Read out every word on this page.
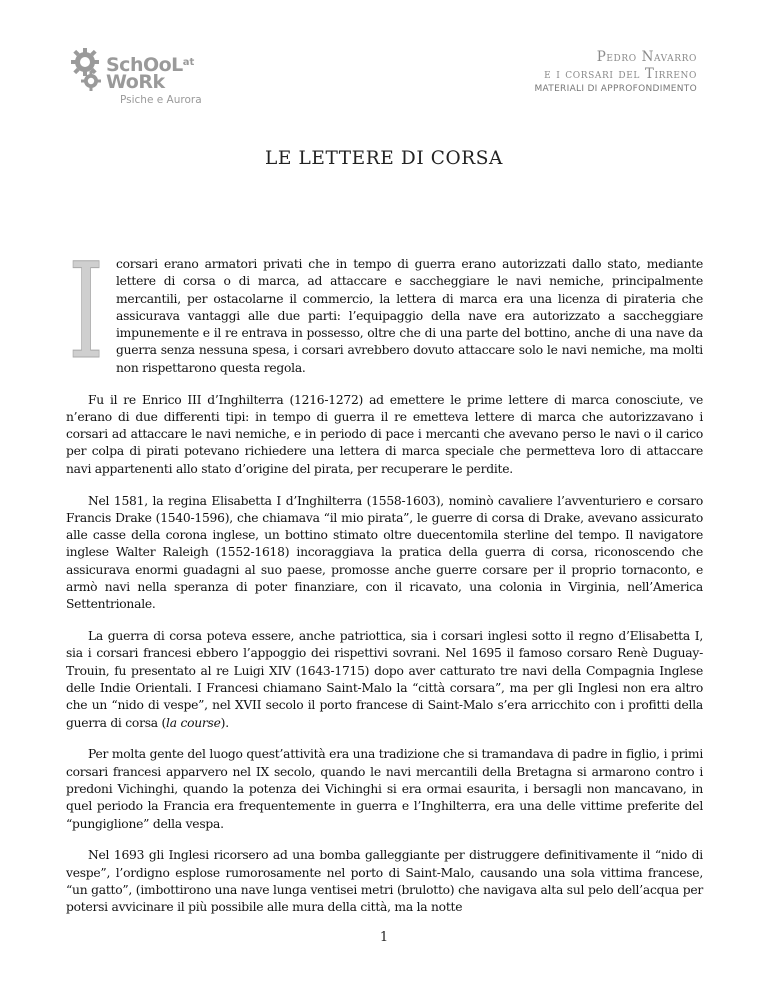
SchOoL$^{at}$
WoRk
Psiche e Aurora
Pedro Navarro
e i corsari del Tirreno
MATERIALI DI APPROFONDIMENTO
LE LETTERE DI CORSA

I corsari erano armatori privati che in tempo di guerra erano autorizzati dallo stato, mediante lettere di corsa o di marca, ad attaccare e saccheggiare le navi nemiche, principalmente mercantili, per ostacolarne il commercio, la lettera di marca era una licenza di pirateria che assicurava vantaggi alle due parti: l’equipaggio della nave era autorizzato a saccheggiare impunemente e il re entrava in possesso, oltre che di una parte del bottino, anche di una nave da guerra senza nessuna spesa, i corsari avrebbero dovuto attaccare solo le navi nemiche, ma molti non rispettarono questa regola.

Fu il re Enrico III d’Inghilterra (1216-1272) ad emettere le prime lettere di marca conosciute, ve n’erano di due differenti tipi: in tempo di guerra il re emetteva lettere di marca che autorizzavano i corsari ad attaccare le navi nemiche, e in periodo di pace i mercanti che avevano perso le navi o il carico per colpa di pirati potevano richiedere una lettera di marca speciale che permetteva loro di attaccare navi appartenenti allo stato d’origine del pirata, per recuperare le perdite.

Nel 1581, la regina Elisabetta I d’Inghilterra (1558-1603), nominò cavaliere l’avventuriero e corsaro Francis Drake (1540-1596), che chiamava “il mio pirata”, le guerre di corsa di Drake, avevano assicurato alle casse della corona inglese, un bottino stimato oltre duecentomila sterline del tempo. Il navigatore inglese Walter Raleigh (1552-1618) incoraggiava la pratica della guerra di corsa, riconoscendo che assicurava enormi guadagni al suo paese, promosse anche guerre corsare per il proprio tornaconto, e armò navi nella speranza di poter finanziare, con il ricavato, una colonia in Virginia, nell’America Settentrionale.

La guerra di corsa poteva essere, anche patriottica, sia i corsari inglesi sotto il regno d’Elisabetta I, sia i corsari francesi ebbero l’appoggio dei rispettivi sovrani. Nel 1695 il famoso corsaro Renè Duguay-Trouin, fu presentato al re Luigi XIV (1643-1715) dopo aver catturato tre navi della Compagnia Inglese delle Indie Orientali. I Francesi chiamano Saint-Malo la “città corsara”, ma per gli Inglesi non era altro che un “nido di vespe”, nel XVII secolo il porto francese di Saint-Malo s’era arricchito con i profitti della guerra di corsa (la course).

Per molta gente del luogo quest’attività era una tradizione che si tramandava di padre in figlio, i primi corsari francesi apparvero nel IX secolo, quando le navi mercantili della Bretagna si armarono contro i predoni Vichinghi, quando la potenza dei Vichinghi si era ormai esaurita, i bersagli non mancavano, in quel periodo la Francia era frequentemente in guerra e l’Inghilterra, era una delle vittime preferite del “pungiglione” della vespa.

Nel 1693 gli Inglesi ricorsero ad una bomba galleggiante per distruggere definitivamente il “nido di vespe”, l’ordigno esplose rumorosamente nel porto di Saint-Malo, causando una sola vittima francese, “un gatto”, (imbottirono una nave lunga ventisei metri (brulotto) che navigava alta sul pelo dell’acqua per potersi avvicinare il più possibile alle mura della città, ma la notte

1
